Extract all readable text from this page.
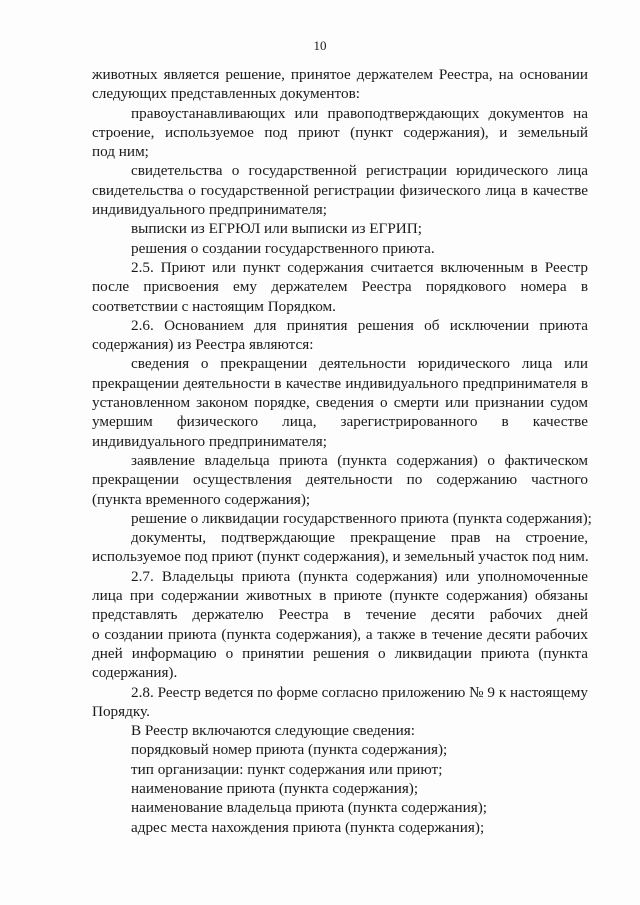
10
животных является решение, принятое держателем Реестра, на основании
следующих представленных документов:
правоустанавливающих или правоподтверждающих документов на
строение, используемое под приют (пункт содержания), и земельный
под ним;
свидетельства о государственной регистрации юридического лица
свидетельства о государственной регистрации физического лица в качестве
индивидуального предпринимателя;
выписки из ЕГРЮЛ или выписки из ЕГРИП;
решения о создании государственного приюта.
2.5. Приют или пункт содержания считается включенным в Реестр
после присвоения ему держателем Реестра порядкового номера в
соответствии с настоящим Порядком.
2.6. Основанием для принятия решения об исключении приюта
содержания) из Реестра являются:
сведения о прекращении деятельности юридического лица или
прекращении деятельности в качестве индивидуального предпринимателя в
установленном законом порядке, сведения о смерти или признании судом
умершим физического лица, зарегистрированного в качестве
индивидуального предпринимателя;
заявление владельца приюта (пункта содержания) о фактическом
прекращении осуществления деятельности по содержанию частного
(пункта временного содержания);
решение о ликвидации государственного приюта (пункта содержания);
документы, подтверждающие прекращение прав на строение,
используемое под приют (пункт содержания), и земельный участок под ним.
2.7. Владельцы приюта (пункта содержания) или уполномоченные
лица при содержании животных в приюте (пункте содержания) обязаны
представлять держателю Реестра в течение десяти рабочих дней
о создании приюта (пункта содержания), а также в течение десяти рабочих
дней информацию о принятии решения о ликвидации приюта (пункта
содержания).
2.8. Реестр ведется по форме согласно приложению № 9 к настоящему
Порядку.
В Реестр включаются следующие сведения:
порядковый номер приюта (пункта содержания);
тип организации: пункт содержания или приют;
наименование приюта (пункта содержания);
наименование владельца приюта (пункта содержания);
адрес места нахождения приюта (пункта содержания);
